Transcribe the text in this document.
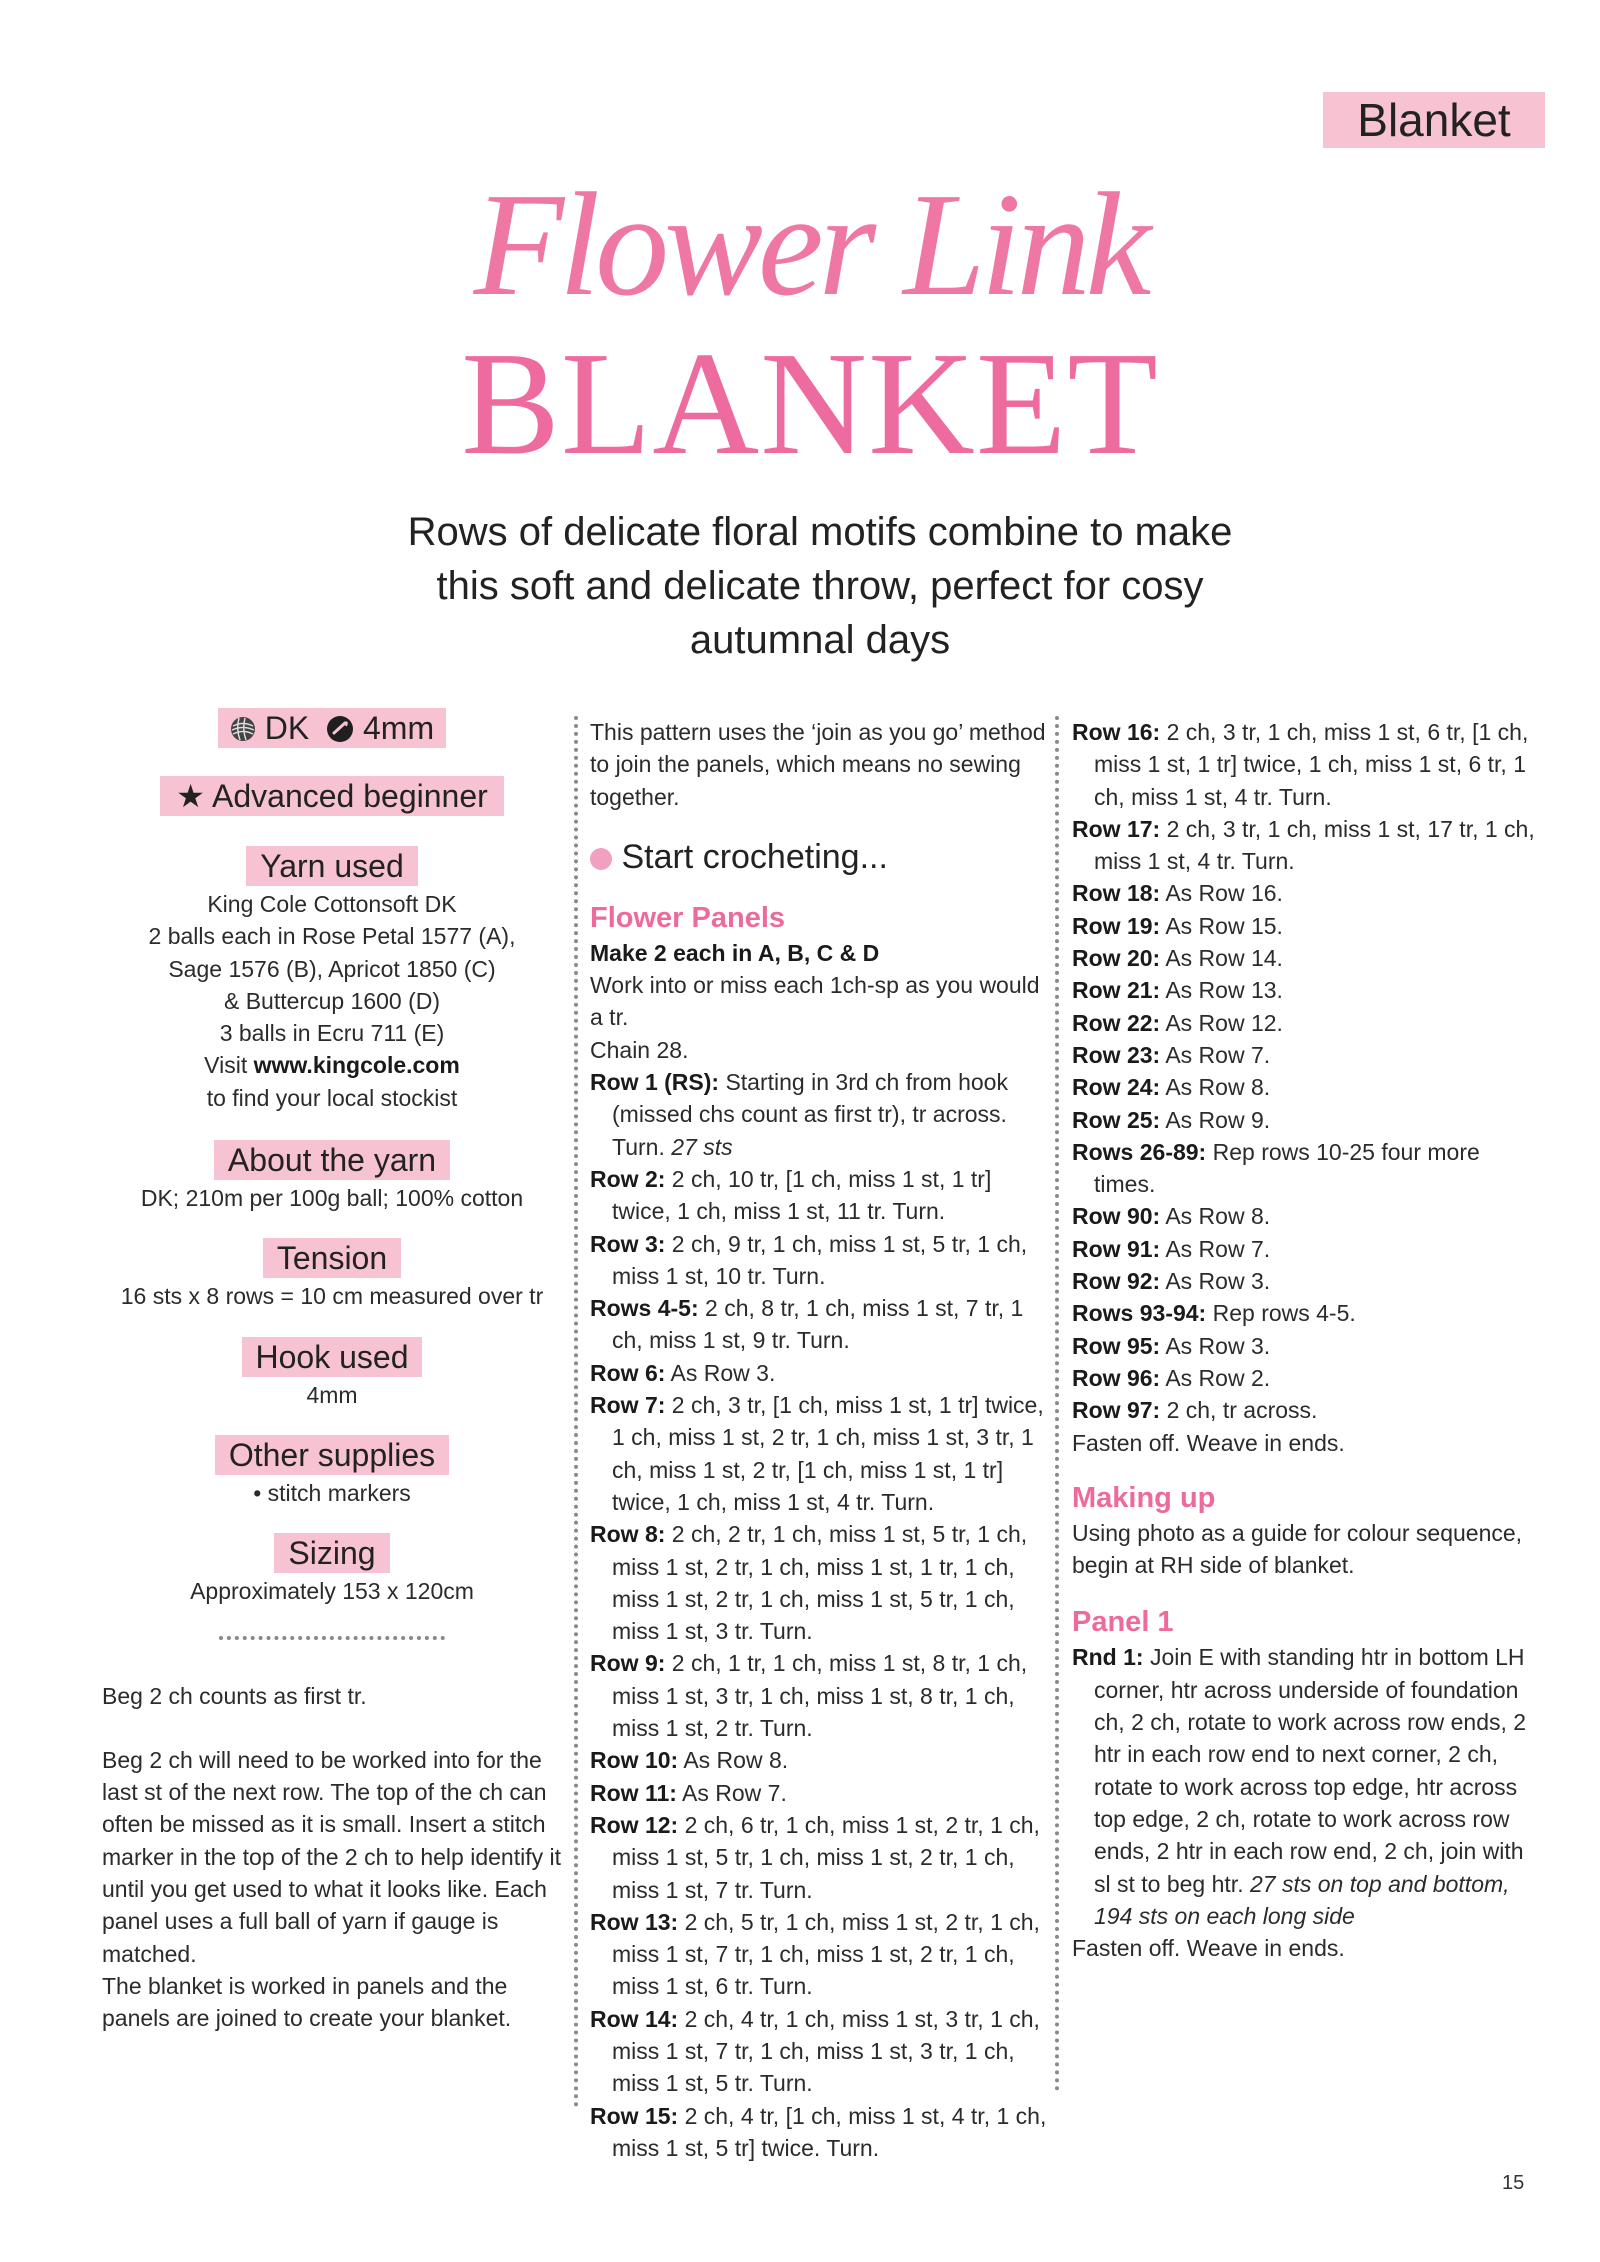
Blanket
Flower Link
BLANKET
Rows of delicate floral motifs combine to make
this soft and delicate throw, perfect for cosy
autumnal days
DK 4mm
★ Advanced beginner
Yarn used
King Cole Cottonsoft DK
2 balls each in Rose Petal 1577 (A),
Sage 1576 (B), Apricot 1850 (C)
& Buttercup 1600 (D)
3 balls in Ecru 711 (E)
Visit www.kingcole.com
to find your local stockist
About the yarn
DK; 210m per 100g ball; 100% cotton
Tension
16 sts x 8 rows = 10 cm measured over tr
Hook used
4mm
Other supplies
• stitch markers
Sizing
Approximately 153 x 120cm
Beg 2 ch counts as first tr.
Beg 2 ch will need to be worked into for the last st of the next row. The top of the ch can often be missed as it is small. Insert a stitch marker in the top of the 2 ch to help identify it until you get used to what it looks like. Each panel uses a full ball of yarn if gauge is matched.
The blanket is worked in panels and the panels are joined to create your blanket.
This pattern uses the ‘join as you go’ method to join the panels, which means no sewing together.
Start crocheting...
Flower Panels
Make 2 each in A, B, C & D
Work into or miss each 1ch-sp as you would a tr.
Chain 28.
Row 1 (RS): Starting in 3rd ch from hook (missed chs count as first tr), tr across. Turn. 27 sts
Row 2: 2 ch, 10 tr, [1 ch, miss 1 st, 1 tr] twice, 1 ch, miss 1 st, 11 tr. Turn.
Row 3: 2 ch, 9 tr, 1 ch, miss 1 st, 5 tr, 1 ch, miss 1 st, 10 tr. Turn.
Rows 4-5: 2 ch, 8 tr, 1 ch, miss 1 st, 7 tr, 1 ch, miss 1 st, 9 tr. Turn.
Row 6: As Row 3.
Row 7: 2 ch, 3 tr, [1 ch, miss 1 st, 1 tr] twice, 1 ch, miss 1 st, 2 tr, 1 ch, miss 1 st, 3 tr, 1 ch, miss 1 st, 2 tr, [1 ch, miss 1 st, 1 tr] twice, 1 ch, miss 1 st, 4 tr. Turn.
Row 8: 2 ch, 2 tr, 1 ch, miss 1 st, 5 tr, 1 ch, miss 1 st, 2 tr, 1 ch, miss 1 st, 1 tr, 1 ch, miss 1 st, 2 tr, 1 ch, miss 1 st, 5 tr, 1 ch, miss 1 st, 3 tr. Turn.
Row 9: 2 ch, 1 tr, 1 ch, miss 1 st, 8 tr, 1 ch, miss 1 st, 3 tr, 1 ch, miss 1 st, 8 tr, 1 ch, miss 1 st, 2 tr. Turn.
Row 10: As Row 8.
Row 11: As Row 7.
Row 12: 2 ch, 6 tr, 1 ch, miss 1 st, 2 tr, 1 ch, miss 1 st, 5 tr, 1 ch, miss 1 st, 2 tr, 1 ch, miss 1 st, 7 tr. Turn.
Row 13: 2 ch, 5 tr, 1 ch, miss 1 st, 2 tr, 1 ch, miss 1 st, 7 tr, 1 ch, miss 1 st, 2 tr, 1 ch, miss 1 st, 6 tr. Turn.
Row 14: 2 ch, 4 tr, 1 ch, miss 1 st, 3 tr, 1 ch, miss 1 st, 7 tr, 1 ch, miss 1 st, 3 tr, 1 ch, miss 1 st, 5 tr. Turn.
Row 15: 2 ch, 4 tr, [1 ch, miss 1 st, 4 tr, 1 ch, miss 1 st, 5 tr] twice. Turn.
Row 16: 2 ch, 3 tr, 1 ch, miss 1 st, 6 tr, [1 ch, miss 1 st, 1 tr] twice, 1 ch, miss 1 st, 6 tr, 1 ch, miss 1 st, 4 tr. Turn.
Row 17: 2 ch, 3 tr, 1 ch, miss 1 st, 17 tr, 1 ch, miss 1 st, 4 tr. Turn.
Row 18: As Row 16.
Row 19: As Row 15.
Row 20: As Row 14.
Row 21: As Row 13.
Row 22: As Row 12.
Row 23: As Row 7.
Row 24: As Row 8.
Row 25: As Row 9.
Rows 26-89: Rep rows 10-25 four more times.
Row 90: As Row 8.
Row 91: As Row 7.
Row 92: As Row 3.
Rows 93-94: Rep rows 4-5.
Row 95: As Row 3.
Row 96: As Row 2.
Row 97: 2 ch, tr across.
Fasten off. Weave in ends.
Making up
Using photo as a guide for colour sequence, begin at RH side of blanket.
Panel 1
Rnd 1: Join E with standing htr in bottom LH corner, htr across underside of foundation ch, 2 ch, rotate to work across row ends, 2 htr in each row end to next corner, 2 ch, rotate to work across top edge, htr across top edge, 2 ch, rotate to work across row ends, 2 htr in each row end, 2 ch, join with sl st to beg htr. 27 sts on top and bottom, 194 sts on each long side
Fasten off. Weave in ends.
15
